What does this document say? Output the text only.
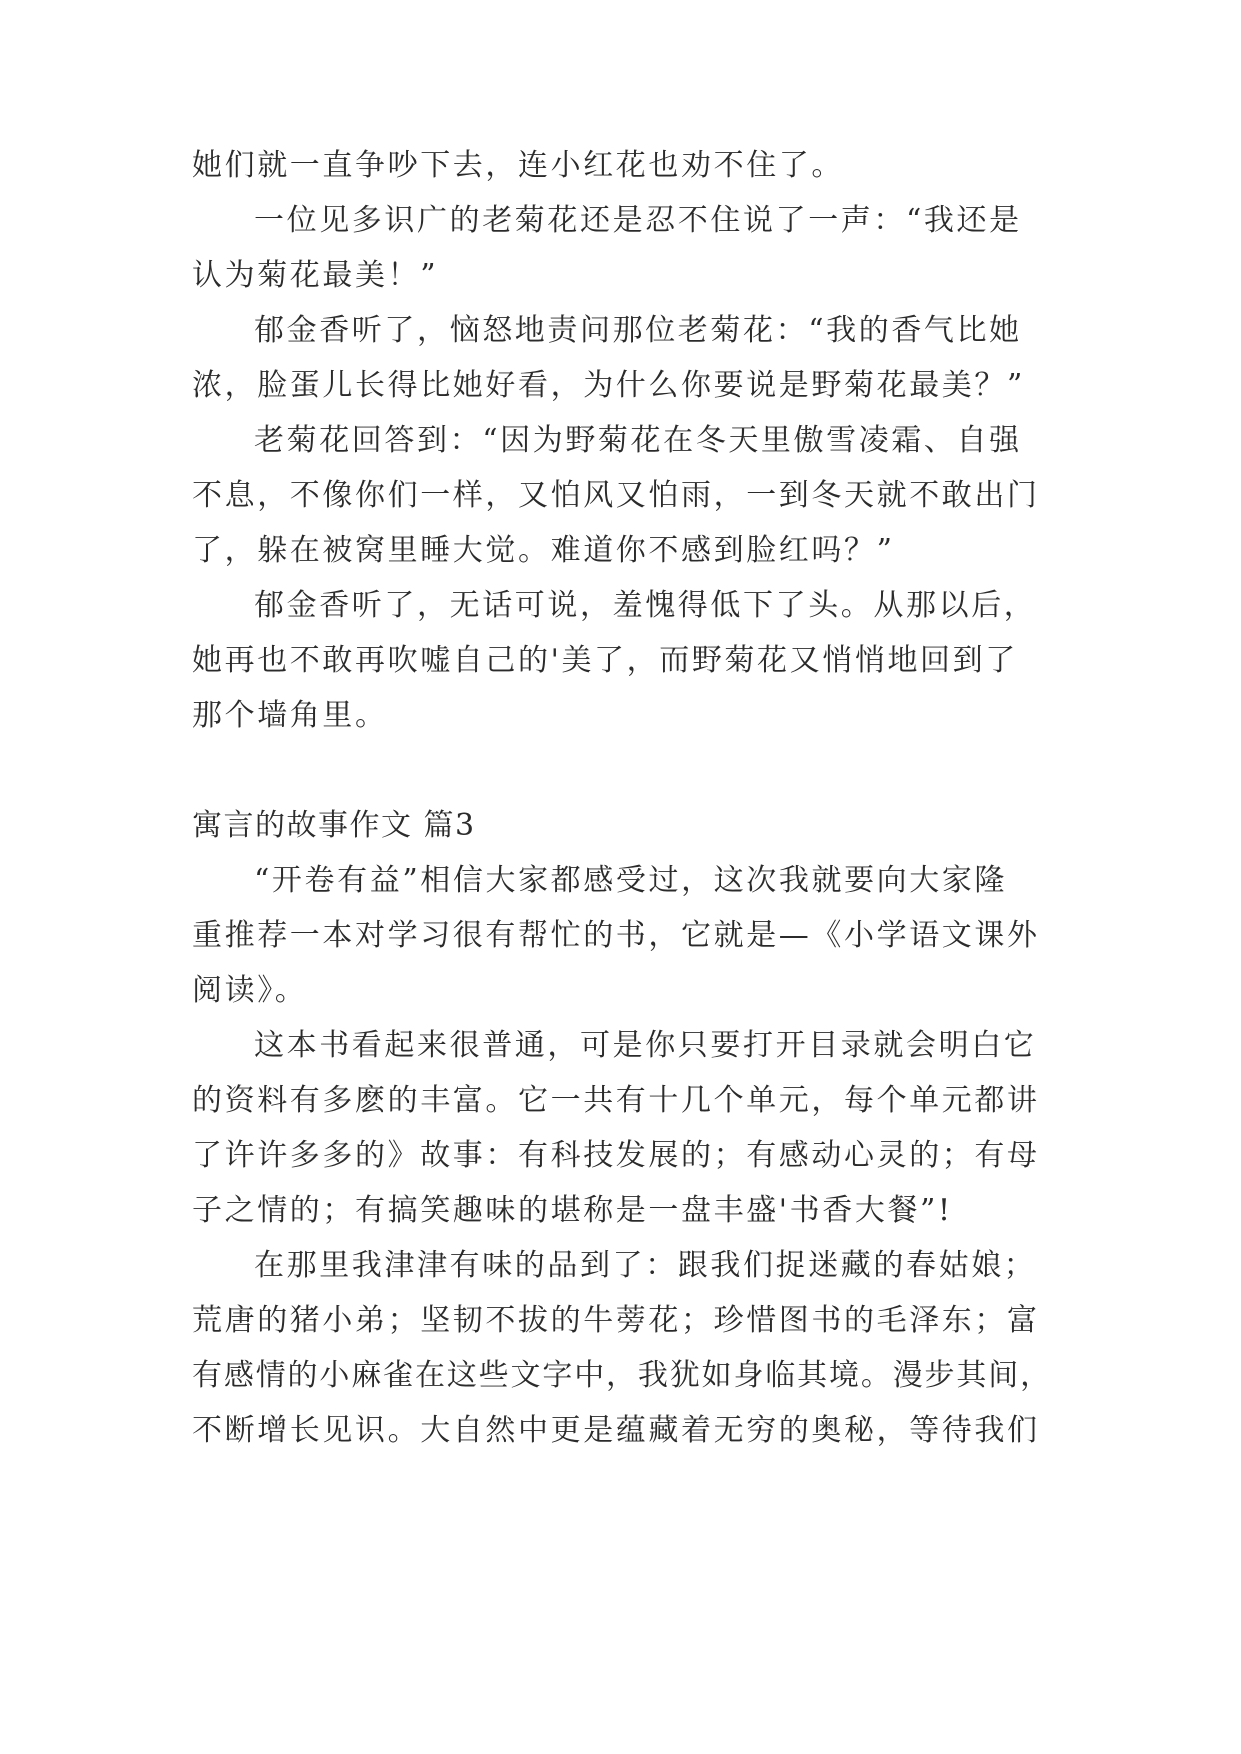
她们就一直争吵下去，连小红花也劝不住了。

一位见多识广的老菊花还是忍不住说了一声：“我还是

认为菊花最美！”

郁金香听了，恼怒地责问那位老菊花：“我的香气比她

浓，脸蛋儿长得比她好看，为什么你要说是野菊花最美？”

老菊花回答到：“因为野菊花在冬天里傲雪凌霜、自强

不息，不像你们一样，又怕风又怕雨，一到冬天就不敢出门

了，躲在被窝里睡大觉。难道你不感到脸红吗？”

郁金香听了，无话可说，羞愧得低下了头。从那以后，

她再也不敢再吹嘘自己的'美了，而野菊花又悄悄地回到了

那个墙角里。

寓言的故事作文 篇3

“开卷有益”相信大家都感受过，这次我就要向大家隆

重推荐一本对学习很有帮忙的书，它就是—《小学语文课外

阅读》。

这本书看起来很普通，可是你只要打开目录就会明白它

的资料有多麽的丰富。它一共有十几个单元，每个单元都讲

了许许多多的》故事：有科技发展的；有感动心灵的；有母

子之情的；有搞笑趣味的堪称是一盘丰盛'书香大餐”!

在那里我津津有味的品到了：跟我们捉迷藏的春姑娘；

荒唐的猪小弟；坚韧不拔的牛蒡花；珍惜图书的毛泽东；富

有感情的小麻雀在这些文字中，我犹如身临其境。漫步其间，

不断增长见识。大自然中更是蕴藏着无穷的奥秘，等待我们
